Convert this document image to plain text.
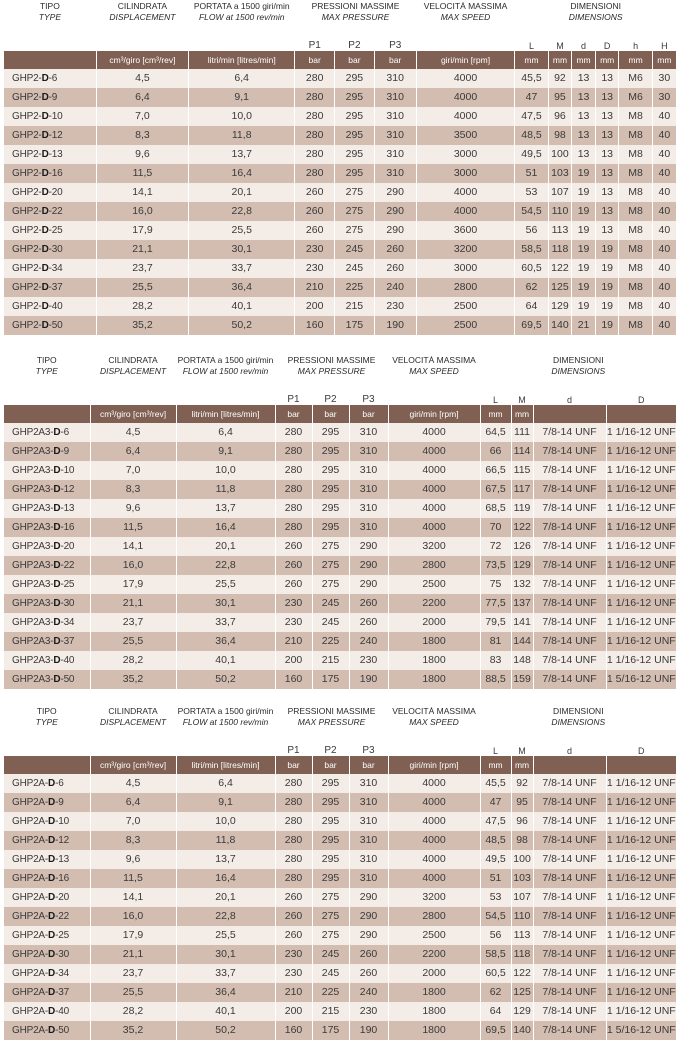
TIPO
TYPE	CILINDRATA
DISPLACEMENT	PORTATA a 1500 giri/min
FLOW at 1500 rev/min	PRESSIONI MASSIME
MAX PRESSURE			VELOCITÀ MASSIMA
MAX SPEED	DIMENSIONI
DIMENSIONS					

			P1	P2	P3		L	M	d	D	h	H
	cm³/giro [cm³/rev]	litri/min [litres/min]	bar	bar	bar	giri/min [rpm]	mm	mm	mm	mm	mm	mm
GHP2-D-6	4,5	6,4	280	295	310	4000	45,5	92	13	13	M6	30
GHP2-D-9	6,4	9,1	280	295	310	4000	47	95	13	13	M6	30
GHP2-D-10	7,0	10,0	280	295	310	4000	47,5	96	13	13	M8	40
GHP2-D-12	8,3	11,8	280	295	310	3500	48,5	98	13	13	M8	40
GHP2-D-13	9,6	13,7	280	295	310	3000	49,5	100	13	13	M8	40
GHP2-D-16	11,5	16,4	280	295	310	3000	51	103	19	13	M8	40
GHP2-D-20	14,1	20,1	260	275	290	4000	53	107	19	13	M8	40
GHP2-D-22	16,0	22,8	260	275	290	4000	54,5	110	19	13	M8	40
GHP2-D-25	17,9	25,5	260	275	290	3600	56	113	19	13	M8	40
GHP2-D-30	21,1	30,1	230	245	260	3200	58,5	118	19	19	M8	40
GHP2-D-34	23,7	33,7	230	245	260	3000	60,5	122	19	19	M8	40
GHP2-D-37	25,5	36,4	210	225	240	2800	62	125	19	19	M8	40
GHP2-D-40	28,2	40,1	200	215	230	2500	64	129	19	19	M8	40
GHP2-D-50	35,2	50,2	160	175	190	2500	69,5	140	21	19	M8	40
TIPO
TYPE	CILINDRATA
DISPLACEMENT	PORTATA a 1500 giri/min
FLOW at 1500 rev/min	PRESSIONI MASSIME
MAX PRESSURE			VELOCITÀ MASSIMA
MAX SPEED	DIMENSIONI
DIMENSIONS			

			P1	P2	P3		L	M	d	D
	cm³/giro [cm³/rev]	litri/min [litres/min]	bar	bar	bar	giri/min [rpm]	mm	mm		
GHP2A3-D-6	4,5	6,4	280	295	310	4000	64,5	111	7/8-14 UNF	1 1/16-12 UNF
GHP2A3-D-9	6,4	9,1	280	295	310	4000	66	114	7/8-14 UNF	1 1/16-12 UNF
GHP2A3-D-10	7,0	10,0	280	295	310	4000	66,5	115	7/8-14 UNF	1 1/16-12 UNF
GHP2A3-D-12	8,3	11,8	280	295	310	4000	67,5	117	7/8-14 UNF	1 1/16-12 UNF
GHP2A3-D-13	9,6	13,7	280	295	310	4000	68,5	119	7/8-14 UNF	1 1/16-12 UNF
GHP2A3-D-16	11,5	16,4	280	295	310	4000	70	122	7/8-14 UNF	1 1/16-12 UNF
GHP2A3-D-20	14,1	20,1	260	275	290	3200	72	126	7/8-14 UNF	1 1/16-12 UNF
GHP2A3-D-22	16,0	22,8	260	275	290	2800	73,5	129	7/8-14 UNF	1 1/16-12 UNF
GHP2A3-D-25	17,9	25,5	260	275	290	2500	75	132	7/8-14 UNF	1 1/16-12 UNF
GHP2A3-D-30	21,1	30,1	230	245	260	2200	77,5	137	7/8-14 UNF	1 1/16-12 UNF
GHP2A3-D-34	23,7	33,7	230	245	260	2000	79,5	141	7/8-14 UNF	1 1/16-12 UNF
GHP2A3-D-37	25,5	36,4	210	225	240	1800	81	144	7/8-14 UNF	1 1/16-12 UNF
GHP2A3-D-40	28,2	40,1	200	215	230	1800	83	148	7/8-14 UNF	1 1/16-12 UNF
GHP2A3-D-50	35,2	50,2	160	175	190	1800	88,5	159	7/8-14 UNF	1 5/16-12 UNF
TIPO
TYPE	CILINDRATA
DISPLACEMENT	PORTATA a 1500 giri/min
FLOW at 1500 rev/min	PRESSIONI MASSIME
MAX PRESSURE			VELOCITÀ MASSIMA
MAX SPEED	DIMENSIONI
DIMENSIONS			

			P1	P2	P3		L	M	d	D
	cm³/giro [cm³/rev]	litri/min [litres/min]	bar	bar	bar	giri/min [rpm]	mm	mm		
GHP2A-D-6	4,5	6,4	280	295	310	4000	45,5	92	7/8-14 UNF	1 1/16-12 UNF
GHP2A-D-9	6,4	9,1	280	295	310	4000	47	95	7/8-14 UNF	1 1/16-12 UNF
GHP2A-D-10	7,0	10,0	280	295	310	4000	47,5	96	7/8-14 UNF	1 1/16-12 UNF
GHP2A-D-12	8,3	11,8	280	295	310	4000	48,5	98	7/8-14 UNF	1 1/16-12 UNF
GHP2A-D-13	9,6	13,7	280	295	310	4000	49,5	100	7/8-14 UNF	1 1/16-12 UNF
GHP2A-D-16	11,5	16,4	280	295	310	4000	51	103	7/8-14 UNF	1 1/16-12 UNF
GHP2A-D-20	14,1	20,1	260	275	290	3200	53	107	7/8-14 UNF	1 1/16-12 UNF
GHP2A-D-22	16,0	22,8	260	275	290	2800	54,5	110	7/8-14 UNF	1 1/16-12 UNF
GHP2A-D-25	17,9	25,5	260	275	290	2500	56	113	7/8-14 UNF	1 1/16-12 UNF
GHP2A-D-30	21,1	30,1	230	245	260	2200	58,5	118	7/8-14 UNF	1 1/16-12 UNF
GHP2A-D-34	23,7	33,7	230	245	260	2000	60,5	122	7/8-14 UNF	1 1/16-12 UNF
GHP2A-D-37	25,5	36,4	210	225	240	1800	62	125	7/8-14 UNF	1 1/16-12 UNF
GHP2A-D-40	28,2	40,1	200	215	230	1800	64	129	7/8-14 UNF	1 1/16-12 UNF
GHP2A-D-50	35,2	50,2	160	175	190	1800	69,5	140	7/8-14 UNF	1 5/16-12 UNF
